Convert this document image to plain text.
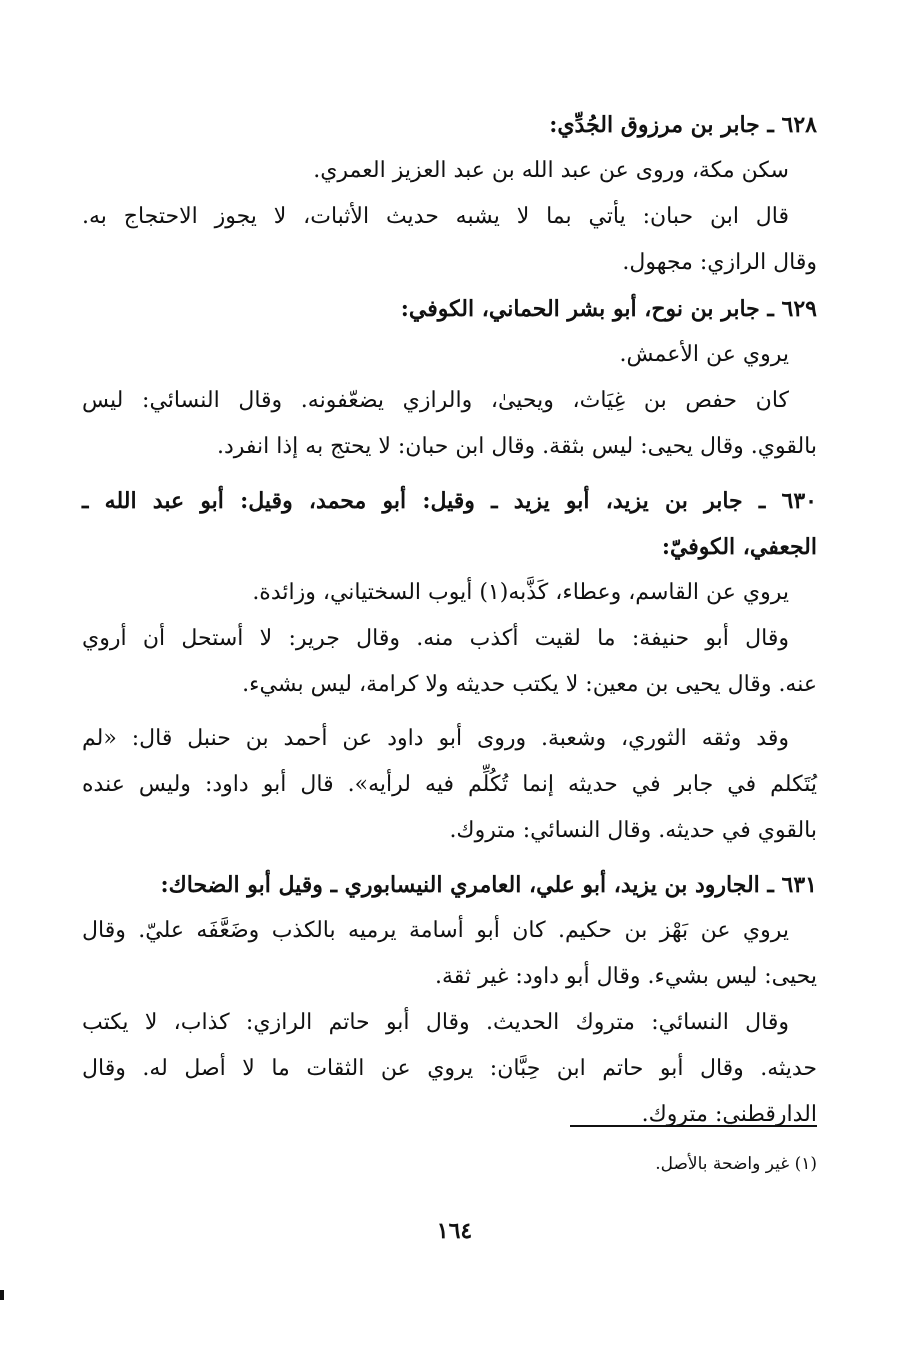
٦٢٨ ـ جابر بن مرزوق الجُدِّي:
سكن مكة، وروى عن عبد الله بن عبد العزيز العمري.
قال ابن حبان: يأتي بما لا يشبه حديث الأثبات، لا يجوز الاحتجاج به.
وقال الرازي: مجهول.
٦٢٩ ـ جابر بن نوح، أبو بشر الحماني، الكوفي:
يروي عن الأعمش.
كان حفص بن غِيَاث، ويحيىٰ، والرازي يضعّفونه. وقال النسائي: ليس
بالقوي. وقال يحيى: ليس بثقة. وقال ابن حبان: لا يحتج به إذا انفرد.
٦٣٠ ـ جابر بن يزيد، أبو يزيد ـ وقيل: أبو محمد، وقيل: أبو عبد الله ـ
الجعفي، الكوفيّ:
يروي عن القاسم، وعطاء، كَذَّبه(١) أيوب السختياني، وزائدة.
وقال أبو حنيفة: ما لقيت أكذب منه. وقال جرير: لا أستحل أن أروي
عنه. وقال يحيى بن معين: لا يكتب حديثه ولا كرامة، ليس بشيء.
وقد وثقه الثوري، وشعبة. وروى أبو داود عن أحمد بن حنبل قال: «لم
يُتَكلم في جابر في حديثه إنما تُكُلِّم فيه لرأيه». قال أبو داود: وليس عنده
بالقوي في حديثه. وقال النسائي: متروك.
٦٣١ ـ الجارود بن يزيد، أبو علي، العامري النيسابوري ـ وقيل أبو الضحاك:
يروي عن بَهْز بن حكيم. كان أبو أسامة يرميه بالكذب وضَعَّفَه عليّ. وقال
يحيى: ليس بشيء. وقال أبو داود: غير ثقة.
وقال النسائي: متروك الحديث. وقال أبو حاتم الرازي: كذاب، لا يكتب
حديثه. وقال أبو حاتم ابن حِبَّان: يروي عن الثقات ما لا أصل له. وقال
الدارقطني: متروك.
(١) غير واضحة بالأصل.
١٦٤
